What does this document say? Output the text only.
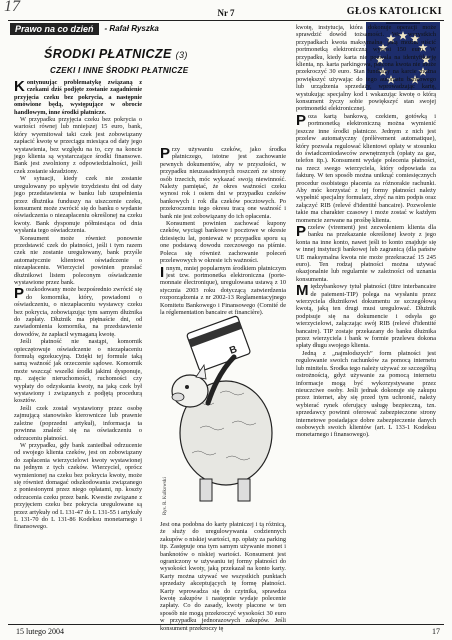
17	Nr 7	GŁOS KATOLICKI
Prawo na co dzień	- Rafał Ryszka
ŚRODKI PŁATNICZE (3)
CZEKI I INNE ŚRODKI PŁATNICZE

Kontynuując problematykę związaną z czekami dziś podjęte zostanie zagadnienie przyjęcia czeku bez pokrycia, a następnie omówione będą, występujące w obrocie handlowym, inne środki płatnicze.

W przypadku przyjęcia czeku bez pokrycia o wartości równej lub mniejszej 15 euro, bank, który wyemitował taki czek jest zobowiązany zapłacić kwotę w przeciągu miesiąca od daty jego wystawienia, bez względu na to, czy na koncie jego klienta są wystarczające środki finansowe. Bank jest zwolniony z odpowiedzialności, jeśli czek zostanie skradziony.

W sytuacji, kiedy czek nie zostanie uregulowany po upływie trzydziestu dni od daty jego przedstawienia w banku lub uzupełnienia przez dłużnika funduszy na uiszczenie czeku, konsument może zwrócić się do banku o wydanie oświadczenia o niezapłaceniu określonej na czeku kwoty. Bank dysponuje półmiesiąca od dnia wysłania tego oświadczenia.

Konsument może również ponownie przedstawić czek do płatności, jeśli i tym razem czek nie zostanie uregulowany, bank przyśle automatycznie klientowi oświadczenie o niezapłaceniu. Wierzyciel powinien przesłać dłużnikowi listem poleconym oświadczenie wystawione przez bank.

Poszkodowany może bezpośrednio zwrócić się do komornika, który, powiadomi o oświadczeniu, o niezapłaceniu wystawcy czeku bez pokrycia, zobowiązując tym samym dłużnika do zapłaty. Dłużnik ma piętnaście dni, od zawiadomienia komornika, na przedstawienie dowodów, że zapłacił wymaganą kwotę.

Jeśli płatność nie nastąpi, komornik opieczętowuje oświadczenie o niezapłaceniu formułą egzekucyjną. Dzięki tej formule taką samą ważność jak orzeczenie sądowe. Komornik może wszcząć wszelki środki jakimi dysponuje, np. zajęcie nieruchomości, ruchomości czy wypłaty do odzyskania kwoty, na jaką czek był wystawiony i związanych z podjętą procedurą kosztów.

Jeśli czek został wystawiony przez osobę zajmującą stanowisko kierownicze lub prawnie zależne (poprzedni artykuł), informacja ta powinna znaleźć się na oświadczeniu o odrzuceniu płatności.

W przypadku, gdy bank zaniedbał odrzucenie od swojego klienta czeków, jest on zobowiązany do zapłacenia wierzycielowi kwoty wystawionej na jednym z tych czeków. Wierzyciel, oprócz wymienionej na czeku bez pokrycia kwoty, może się również domagać odszkodowania związanego z poniesionymi przez niego opłatami, np. koszty odrzucenia czeku przez bank. Kwestie związane z przyjęciem czeku bez pokrycia uregulowane są przez artykuły od L 131-47 do L 131-55 i artykuły L 131-70 do L 131-86 Kodeksu monetarnego i finansowego.

Przy używaniu czeków, jako środka płatniczego, istotne jest zachowanie pewnych dokumentów, aby w przyszłości, w przypadku nieuzasadnionych roszczeń ze strony osób trzecich, móc wykazać swoją niewinność. Należy pamiętać, że okres ważności czeku wynosi rok i osiem dni w przypadku czeków bankowych i rok dla czeków pocztowych. Po przekroczeniu tego okresu tracą one ważność i bank nie jest zobowiązany do ich opłacenia.

Konsument powinien zachować kupony czeków, wyciągi bankowe i pocztowe w okresie dziesięciu lat, ponieważ w przypadku sporu są one podstawą dowodu rzeczowego na piśmie. Poleca się również zachowanie poleceń przelewowych w okresie ich ważności.

Innym, mniej popularnym środkiem płatniczym jest tzw. portmonetka elektroniczna (porte-monnaie électronique), uregulowana ustawą z 10 stycznia 2003 roku dotyczącą zatwierdzenia rozporządzenia z nr 2002-13 Reglamentacyjnego Komitetu Bankowego i Finansowego (Comité de la réglementation bancaire et financière).

B
Rys. R. Kulkowski

Jest ona podobna do karty płatniczej i tą różnicą, że służy do uregulowywania codziennych zakupów o niskiej wartości, np. opłaty za parking itp. Zastępuje ona tym samym używanie monet i banknotów o niskiej wartości. Konsument jest ograniczony w używaniu tej formy płatności do wysokości kwoty, jaką przekazał na konto karty. Karty można używać we wszystkich punktach sprzedaży akceptujących tę formę płatności. Karty wprowadza się do czytnika, sprawdza kwotę zakupów i następnie wydaje polecenie zapłaty. Co do zasady, kwoty płacone w ten sposób nie mogą przekroczyć wysokości 30 euro w przypadku jednorazowych zakupów. Jeśli konsument przekroczy tę

kwotę, instytucja, która dokonuje operacji może sprawdzić dowód tożsamości. We wszystkich przypadkach kwota maksymalna, jaką można uiścić portmonetką elektroniczną wynosi 150 euro. W przypadku, kiedy karta nie pozwala na identyfikację klienta, np. karta parkingowa, płacona kwota nie może przekroczyć 30 euro. Stan funduszy na karcie można powiększyć używając do tego automatu bankowego lub urządzenia sprzedaży, wprowadzając kartę, wystukując specjalny kod i wskazując kwotę o którą konsument życzy sobie powiększyć stan swojej portmonetki elektronicznej.

Poza kartą bankową, czekiem, gotówką i portmonetką elektroniczną można wymienić jeszcze inne środki płatnicze. Jednym z nich jest przelew automatyczny (prélèvement automatique), który pozwala regulować klientowi opłaty w stosunku do świadczeniodawców zewnętrznych (opłaty za gaz, telefon itp.). Konsument wydaje polecenia płatności, na rzecz swego wierzyciela, który odpowiada za fakturę. W ten sposób można uniknąć comiesięcznych procedur osobistego płacenia za różnorakie rachunki. Aby móc korzystać z tej formy płatności należy wypełnić specjalny formularz, zbyć na nim podpis oraz załączyć RIB (relevé d'identité bancaire). Pozwolenie takie ma charakter czasowy i może zostać w każdym momencie zerwane na prośbę klienta.

Przelew (virement) jest zezwoleniem klienta dla banku na przekazanie określonej kwoty z jego konta na inne konto, nawet jeśli to konto znajduje się w innej instytucji bankowej lub zagranicą (dla państw UE maksymalna kwota nie może przekraczać 15 245 euro). Ten rodzaj płatności można używać okazjonalnie lub regularnie w zależności od uznania konsumenta.

Międzybankowy tytuł płatności (titre interbancaire de paiement-TIP) polega na wysłaniu przez wierzyciela dłużnikowi dokumentu ze szczegółową kwotą, jaką ten drugi musi uregulować. Dłużnik podpisuje się na dokumencie i odsyła go wierzycielowi, załączając swój RIB (relevé d'identité bancaire). TIP zostaje przekazany do banku dłużnika przez wierzyciela i bank w formie przelewu dokona spłaty długu swojego klienta.

Jedną z „najmłodszych” form płatności jest regulowanie swoich rachunków za pomocą internetu lub minitelu. Środka tego należy używać ze szczególną ostrożnością, gdyż używanie za pomocą internetu informacje mogą być wykorzystywane przez nieuczciwe osoby. Jeśli jednak dokonuje się zakupu przez internet, aby się przed tym uchronić, należy wybierać rynek oferujący usługę bezpieczną, tzn. sprzedawcy powinni oferować zabezpieczone strony internetowe posiadające dobre zabezpieczenie danych osobowych swoich klientów (art. L 133-1 Kodeksu monetarnego i finansowego).

15 lutego 2004	17
